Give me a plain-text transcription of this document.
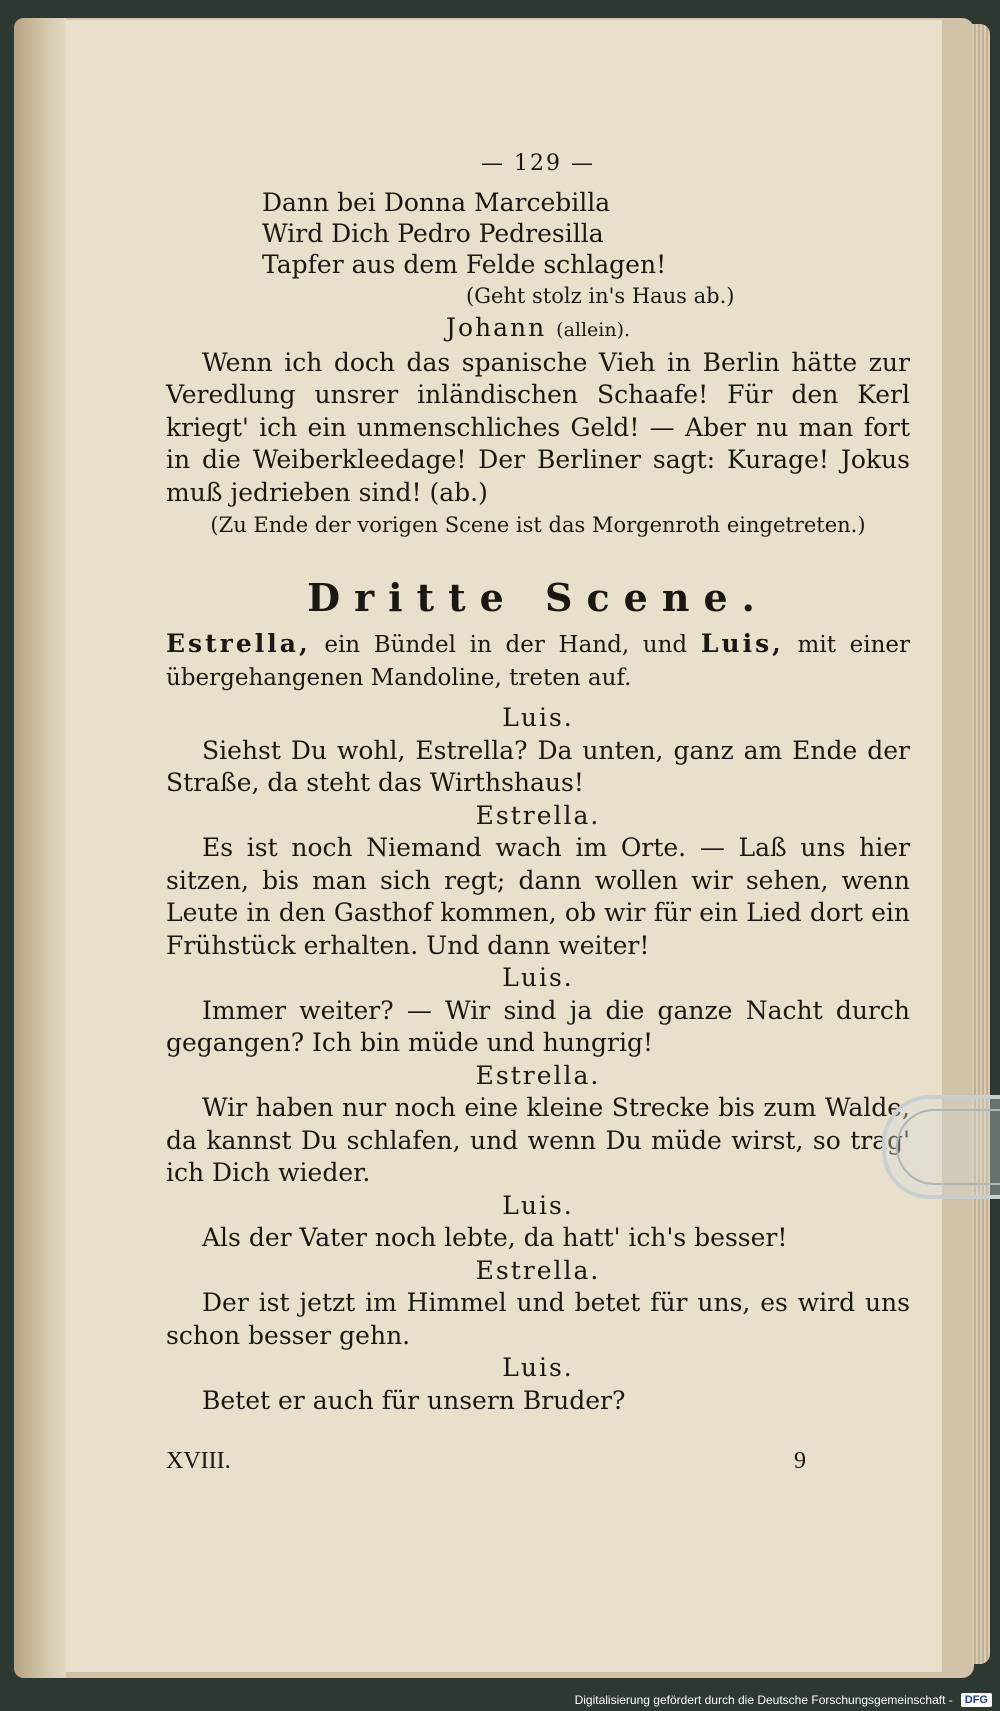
— 129 —
Dann bei Donna Marcebilla
Wird Dich Pedro Pedresilla
Tapfer aus dem Felde schlagen!
(Geht stolz in's Haus ab.)
Johann (allein).
Wenn ich doch das spanische Vieh in Berlin hätte zur Veredlung unsrer inländischen Schaafe! Für den Kerl kriegt' ich ein unmenschliches Geld! — Aber nu man fort in die Weiberkleedage! Der Berliner sagt: Kurage! Jokus muß jedrieben sind! (ab.)
(Zu Ende der vorigen Scene ist das Morgenroth eingetreten.)
Dritte Scene.
Estrella, ein Bündel in der Hand, und Luis, mit einer übergehangenen Mandoline, treten auf.
Luis.
Siehst Du wohl, Estrella? Da unten, ganz am Ende der Straße, da steht das Wirthshaus!
Estrella.
Es ist noch Niemand wach im Orte. — Laß uns hier sitzen, bis man sich regt; dann wollen wir sehen, wenn Leute in den Gasthof kommen, ob wir für ein Lied dort ein Frühstück erhalten. Und dann weiter!
Luis.
Immer weiter? — Wir sind ja die ganze Nacht durch gegangen? Ich bin müde und hungrig!
Estrella.
Wir haben nur noch eine kleine Strecke bis zum Walde, da kannst Du schlafen, und wenn Du müde wirst, so trag' ich Dich wieder.
Luis.
Als der Vater noch lebte, da hatt' ich's besser!
Estrella.
Der ist jetzt im Himmel und betet für uns, es wird uns schon besser gehn.
Luis.
Betet er auch für unsern Bruder?
XVIII.	9
Digitalisierung gefördert durch die Deutsche Forschungsgemeinschaft -	DFG
